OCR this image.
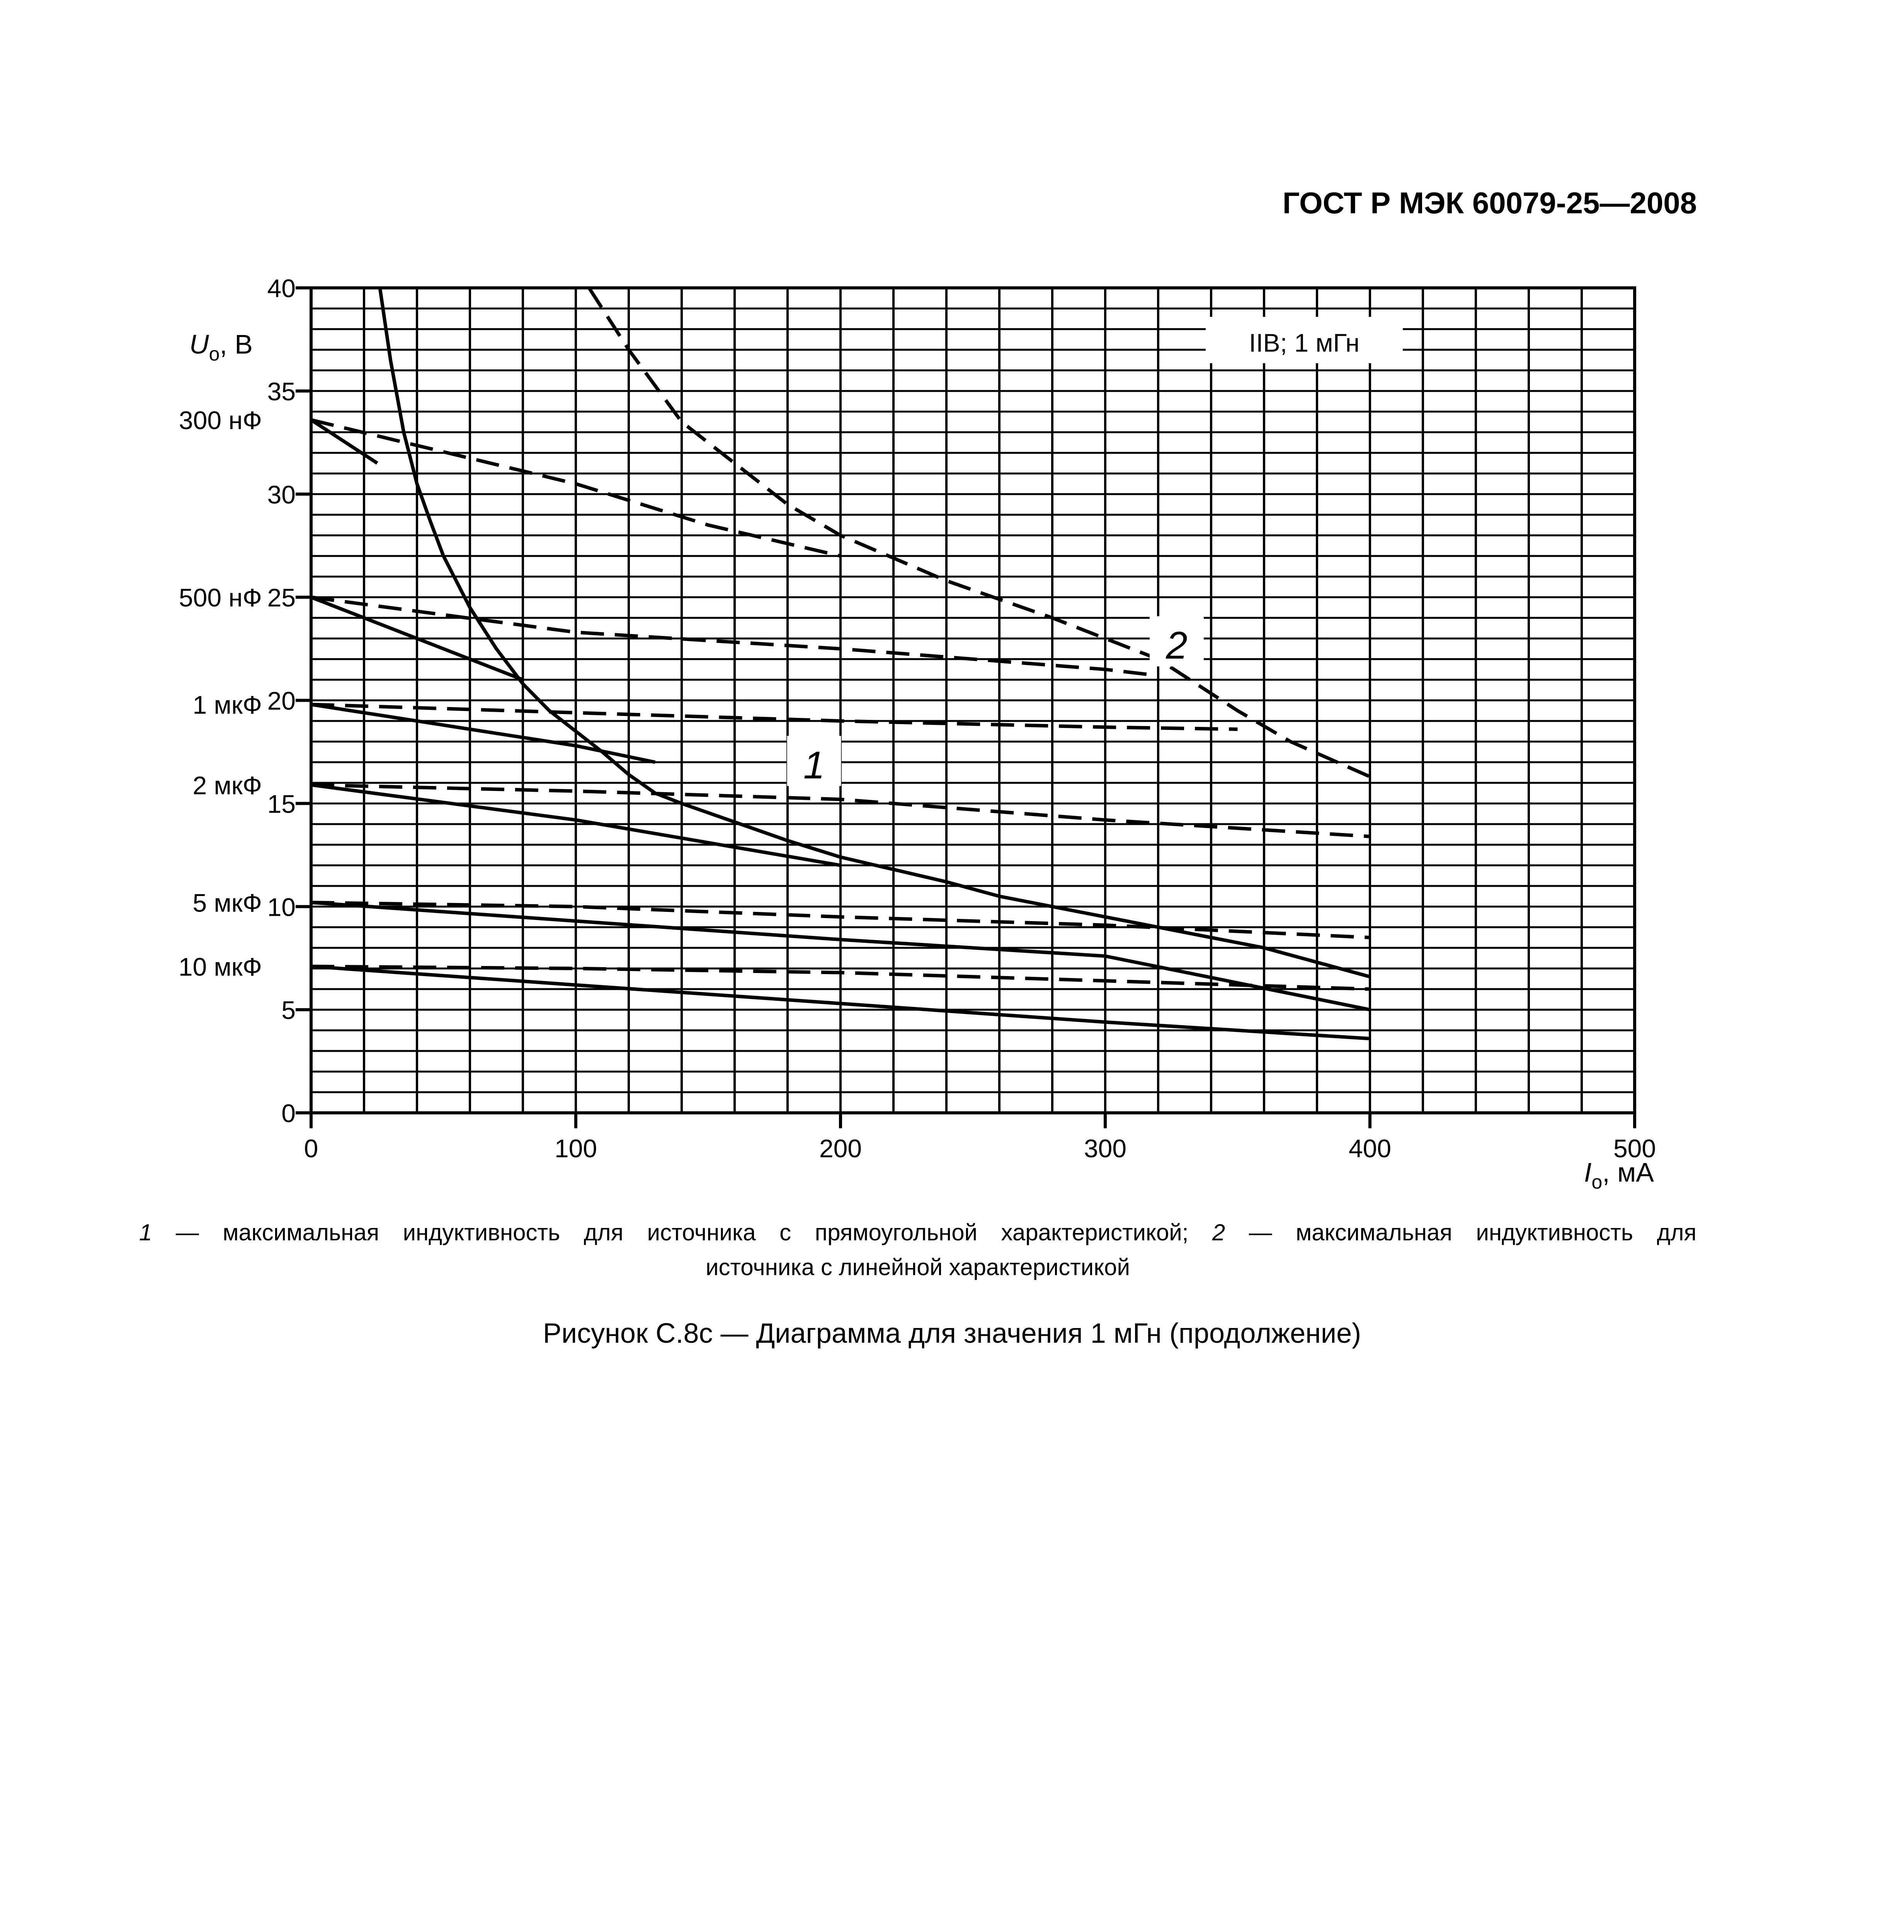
ГОСТ Р МЭК 60079-25—2008
0	100	200	300	400	500
0
5
10
15
20
25
30
35
40
IIB; 1 мГн
1
2
300 нФ
500 нФ
1 мкФ
2 мкФ
5 мкФ
10 мкФ
$U_о$, В
$I_о$, мА
1 — максимальная индуктивность для источника с прямоугольной характеристикой; 2 — максимальная индуктивность для
источника с линейной характеристикой
Рисунок С.8с — Диаграмма для значения 1 мГн (продолжение)
